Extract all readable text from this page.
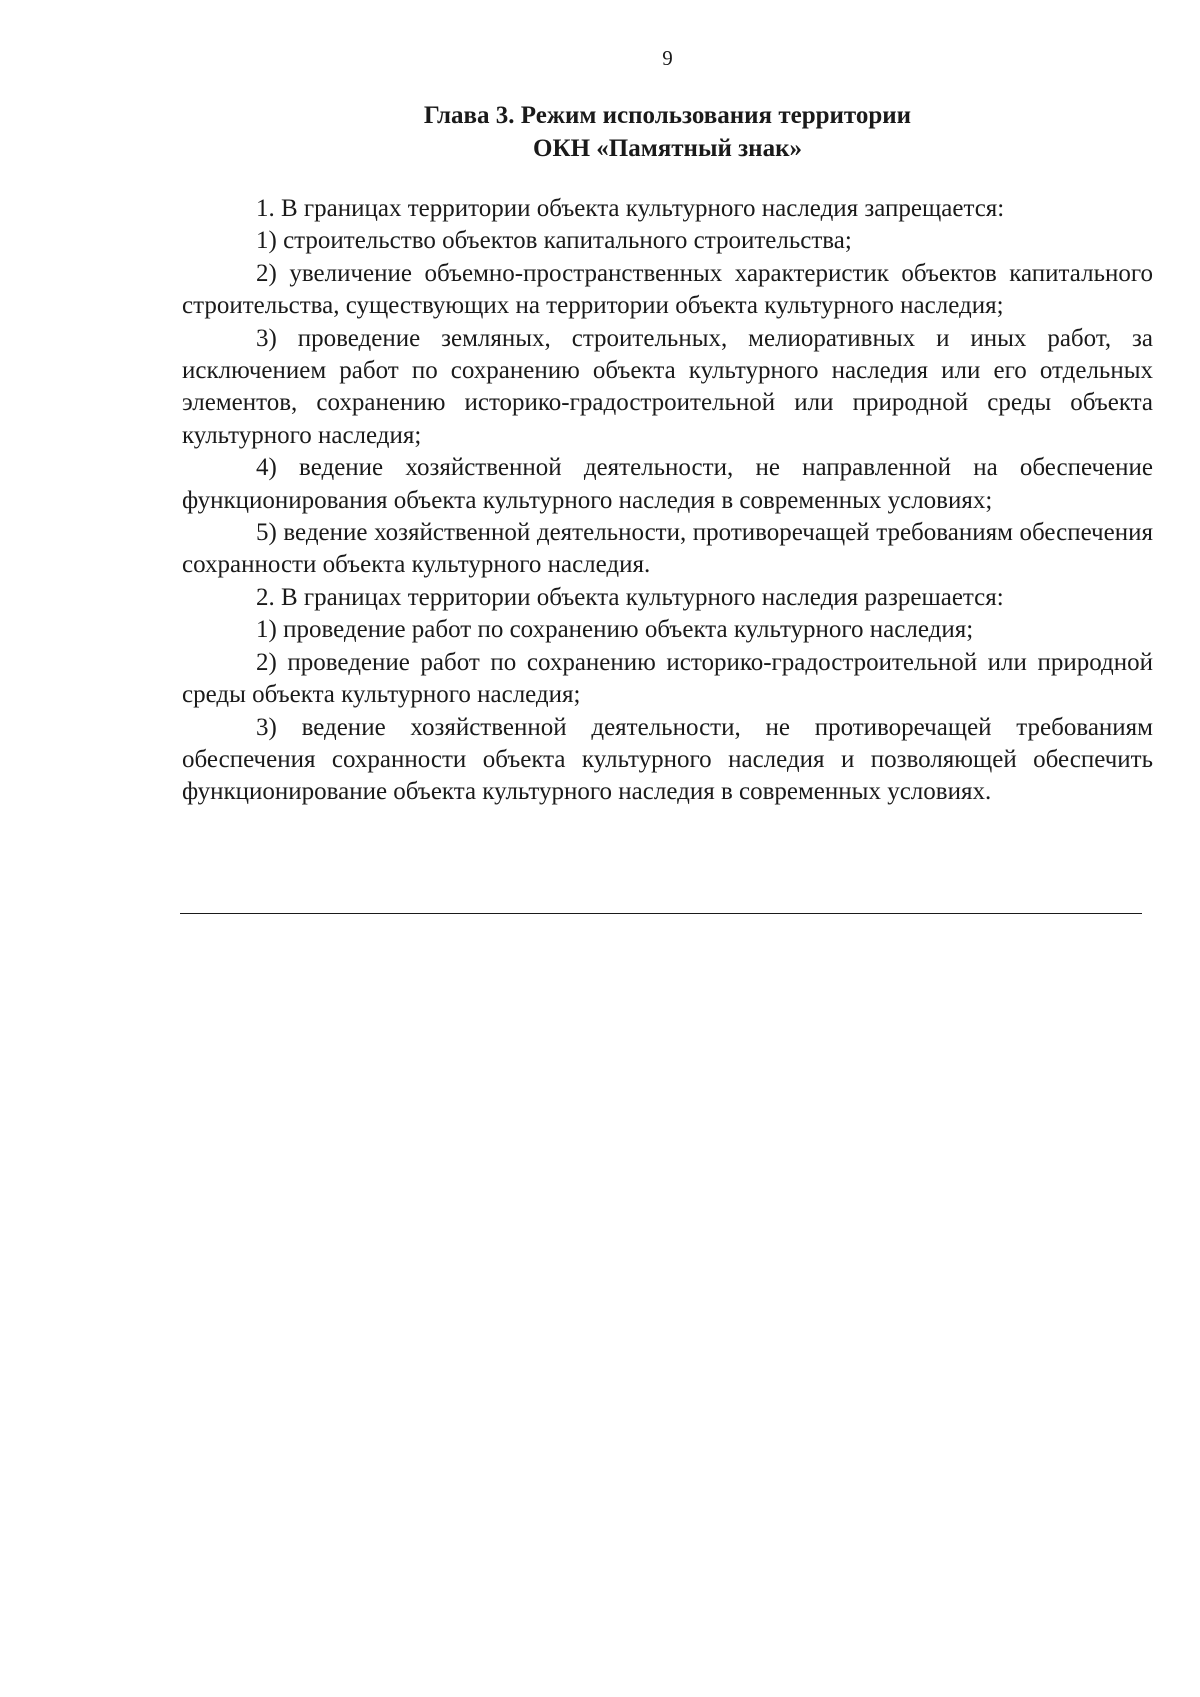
9
Глава 3. Режим использования территории
ОКН «Памятный знак»

1. В границах территории объекта культурного наследия запрещается:

1) строительство объектов капитального строительства;

2) увеличение объемно-пространственных характеристик объектов капитального строительства, существующих на территории объекта культурного наследия;

3) проведение земляных, строительных, мелиоративных и иных работ, за исключением работ по сохранению объекта культурного наследия или его отдельных элементов, сохранению историко-градостроительной или природной среды объекта культурного наследия;

4) ведение хозяйственной деятельности, не направленной на обеспечение функционирования объекта культурного наследия в современных условиях;

5) ведение хозяйственной деятельности, противоречащей требованиям обеспечения сохранности объекта культурного наследия.

2. В границах территории объекта культурного наследия разрешается:

1) проведение работ по сохранению объекта культурного наследия;

2) проведение работ по сохранению историко-градостроительной или природной среды объекта культурного наследия;

3) ведение хозяйственной деятельности, не противоречащей требованиям обеспечения сохранности объекта культурного наследия и позволяющей обеспечить функционирование объекта культурного наследия в современных условиях.
